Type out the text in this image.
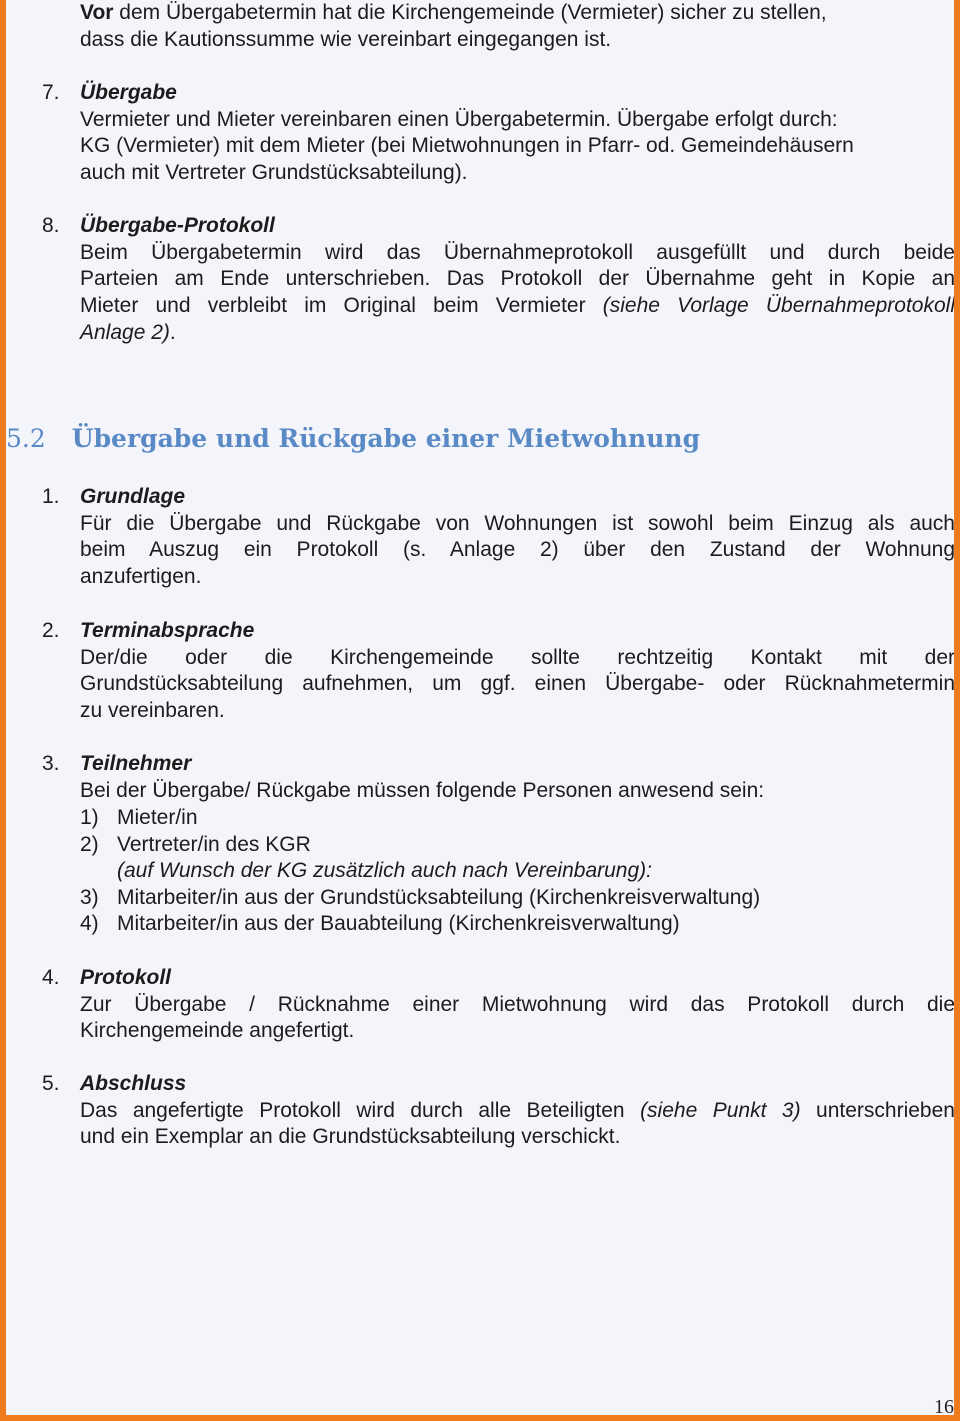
Vor dem Übergabetermin hat die Kirchengemeinde (Vermieter) sicher zu stellen,
dass die Kautionssumme wie vereinbart eingegangen ist.
7. Übergabe
Vermieter und Mieter vereinbaren einen Übergabetermin. Übergabe erfolgt durch:
KG (Vermieter) mit dem Mieter (bei Mietwohnungen in Pfarr- od. Gemeindehäusern
auch mit Vertreter Grundstücksabteilung).
8. Übergabe-Protokoll
Beim Übergabetermin wird das Übernahmeprotokoll ausgefüllt und durch beide
Parteien am Ende unterschrieben. Das Protokoll der Übernahme geht in Kopie an
Mieter und verbleibt im Original beim Vermieter (siehe Vorlage Übernahmeprotokoll
Anlage 2).
5.2 Übergabe und Rückgabe einer Mietwohnung
1. Grundlage
Für die Übergabe und Rückgabe von Wohnungen ist sowohl beim Einzug als auch
beim Auszug ein Protokoll (s. Anlage 2) über den Zustand der Wohnung
anzufertigen.
2. Terminabsprache
Der/die oder die Kirchengemeinde sollte rechtzeitig Kontakt mit der
Grundstücksabteilung aufnehmen, um ggf. einen Übergabe- oder Rücknahmetermin
zu vereinbaren.
3. Teilnehmer
Bei der Übergabe/ Rückgabe müssen folgende Personen anwesend sein:
1) Mieter/in
2) Vertreter/in des KGR
(auf Wunsch der KG zusätzlich auch nach Vereinbarung):
3) Mitarbeiter/in aus der Grundstücksabteilung (Kirchenkreisverwaltung)
4) Mitarbeiter/in aus der Bauabteilung (Kirchenkreisverwaltung)
4. Protokoll
Zur Übergabe / Rücknahme einer Mietwohnung wird das Protokoll durch die
Kirchengemeinde angefertigt.
5. Abschluss
Das angefertigte Protokoll wird durch alle Beteiligten (siehe Punkt 3) unterschrieben
und ein Exemplar an die Grundstücksabteilung verschickt.
16
